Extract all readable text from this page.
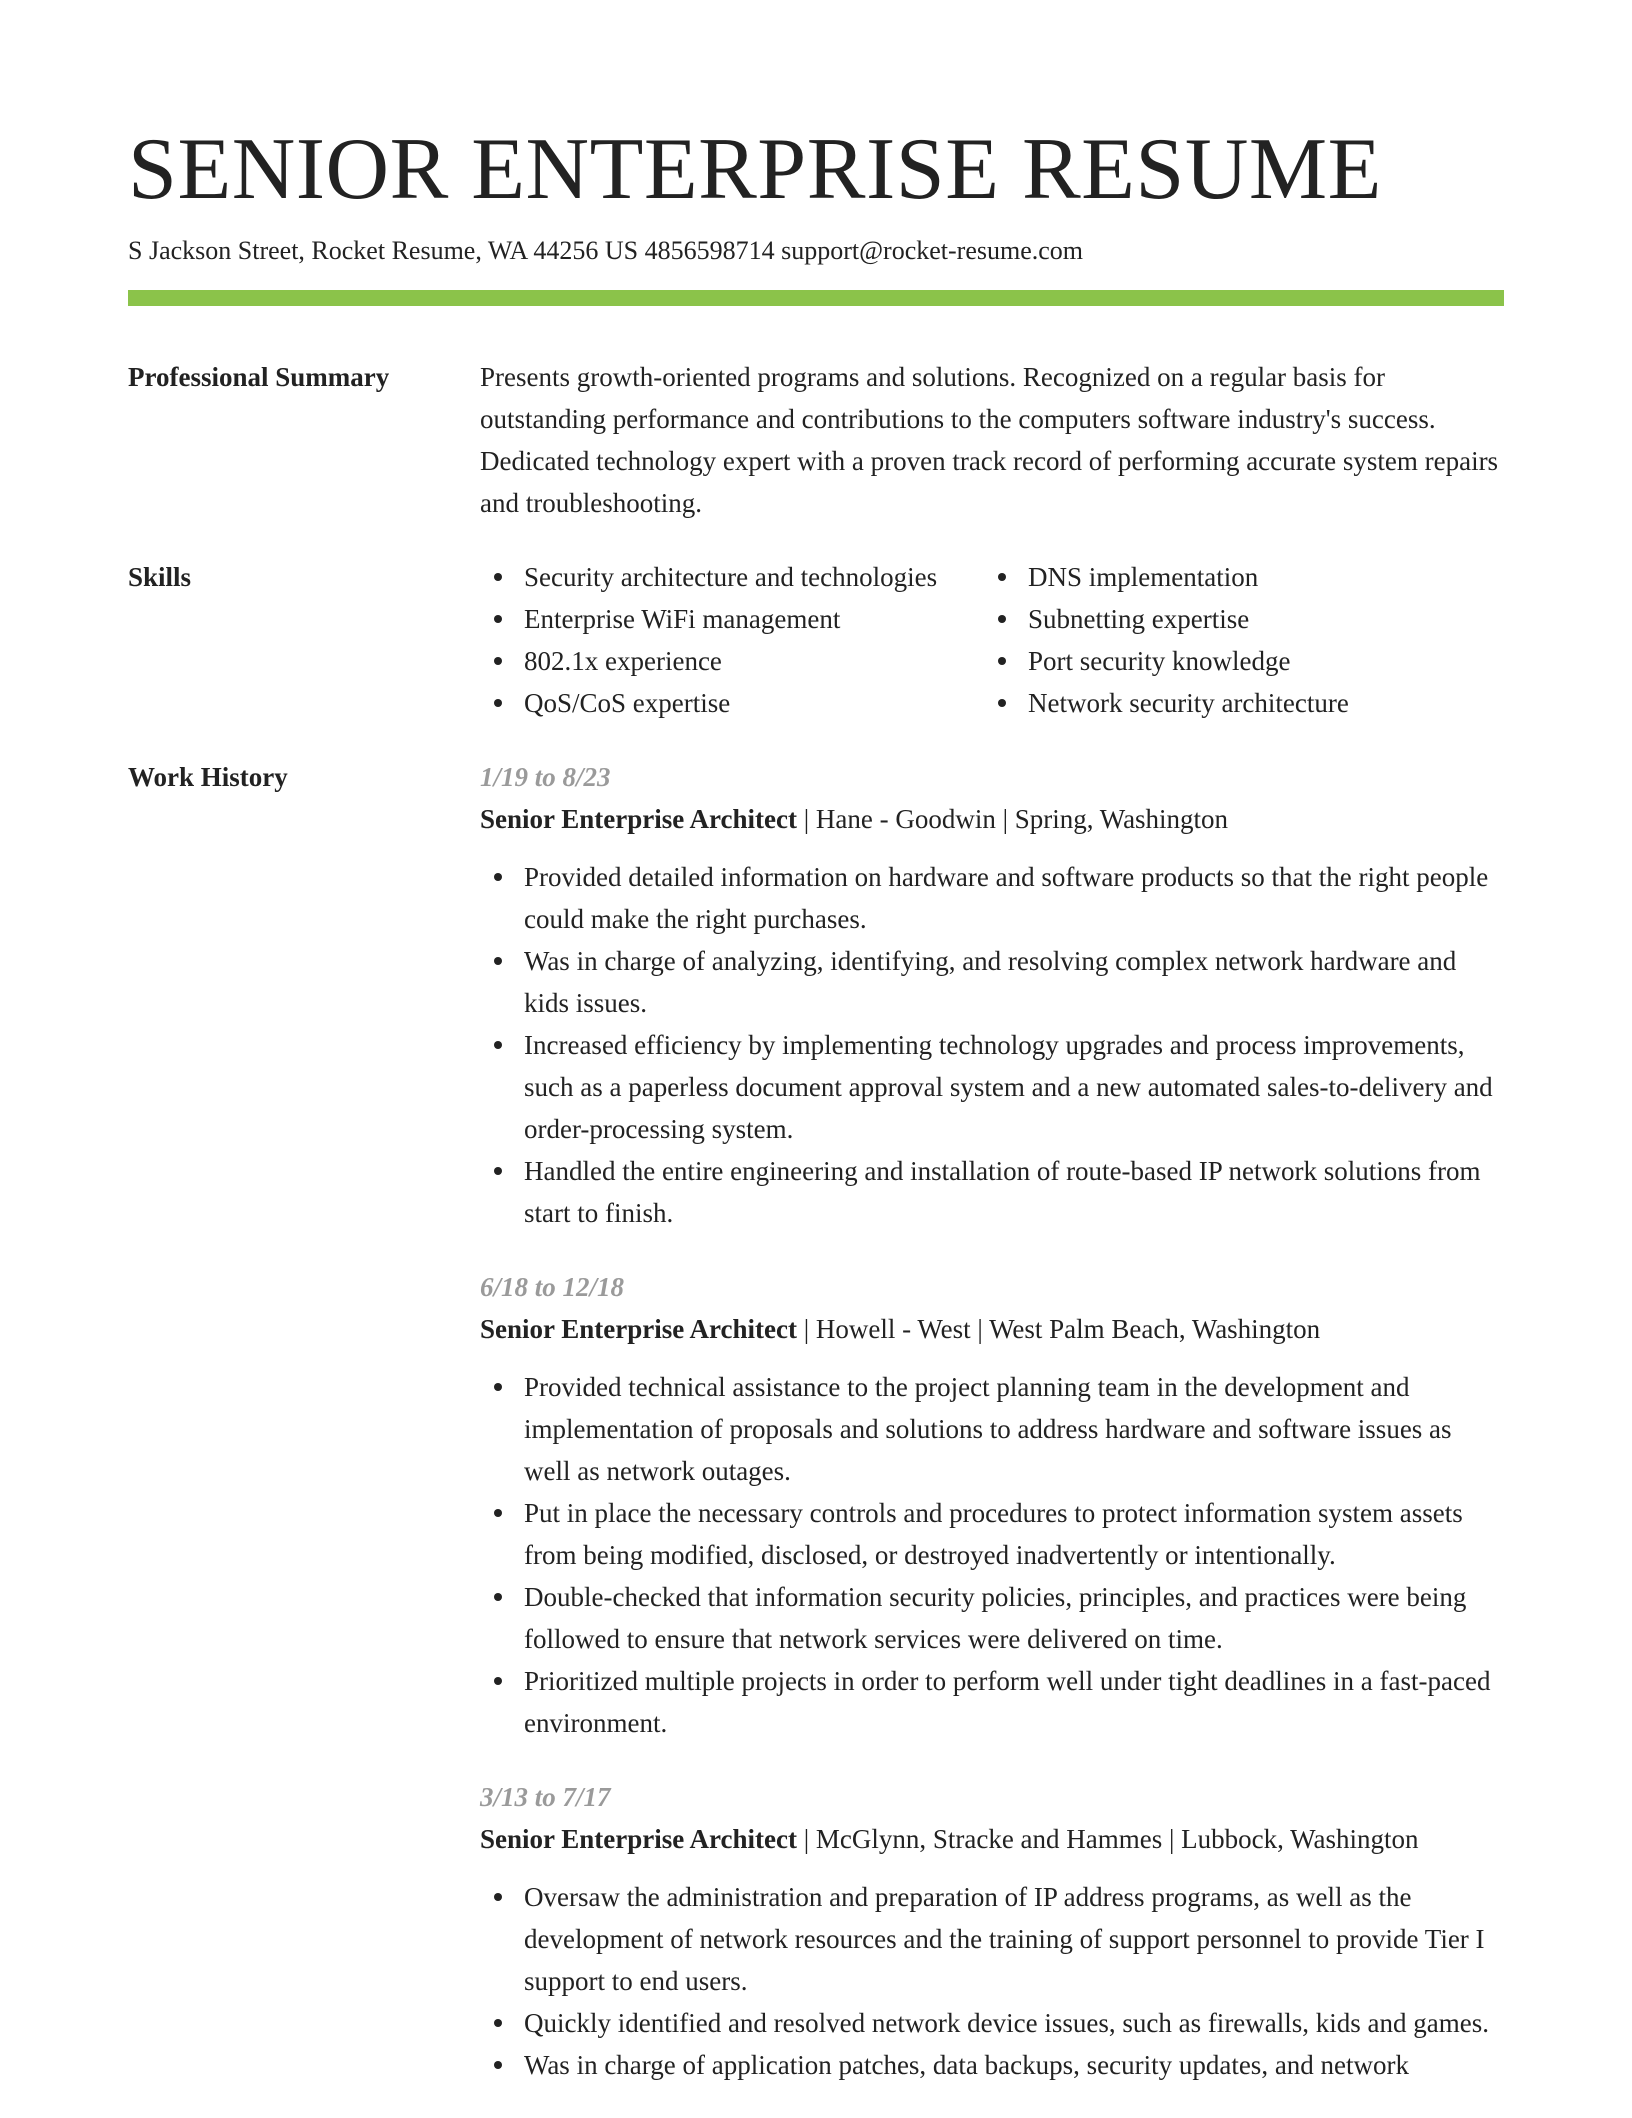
SENIOR ENTERPRISE RESUME
S Jackson Street, Rocket Resume, WA 44256 US 4856598714 support@rocket-resume.com
Professional Summary	Presents growth-oriented programs and solutions. Recognized on a regular basis for outstanding performance and contributions to the computers software industry's success. Dedicated technology expert with a proven track record of performing accurate system repairs and troubleshooting.

Skills	Security architecture and technologies
Enterprise WiFi management
802.1x experience
QoS/CoS expertise
DNS implementation
Subnetting expertise
Port security knowledge
Network security architecture
Work History	1/19 to 8/23
Senior Enterprise Architect | Hane - Goodwin | Spring, Washington
Provided detailed information on hardware and software products so that the right people could make the right purchases.
Was in charge of analyzing, identifying, and resolving complex network hardware and kids issues.
Increased efficiency by implementing technology upgrades and process improvements, such as a paperless document approval system and a new automated sales-to-delivery and order-processing system.
Handled the entire engineering and installation of route-based IP network solutions from start to finish.
6/18 to 12/18
Senior Enterprise Architect | Howell - West | West Palm Beach, Washington
Provided technical assistance to the project planning team in the development and implementation of proposals and solutions to address hardware and software issues as well as network outages.
Put in place the necessary controls and procedures to protect information system assets from being modified, disclosed, or destroyed inadvertently or intentionally.
Double-checked that information security policies, principles, and practices were being followed to ensure that network services were delivered on time.
Prioritized multiple projects in order to perform well under tight deadlines in a fast-paced environment.
3/13 to 7/17
Senior Enterprise Architect | McGlynn, Stracke and Hammes | Lubbock, Washington
Oversaw the administration and preparation of IP address programs, as well as the development of network resources and the training of support personnel to provide Tier I support to end users.
Quickly identified and resolved network device issues, such as firewalls, kids and games.
Was in charge of application patches, data backups, security updates, and network
